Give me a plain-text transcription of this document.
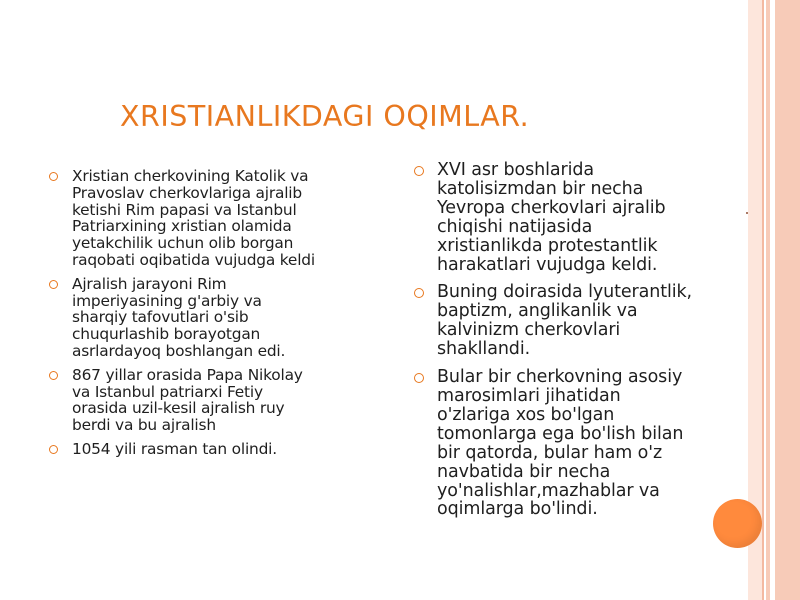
XRISTIANLIKDAGI OQIMLAR.
Xristian cherkovining Katolik va
Pravoslav cherkovlariga ajralib
ketishi Rim papasi va Istanbul
Patriarxining xristian olamida
yetakchilik uchun olib borgan
raqobati oqibatida vujudga keldi
Ajralish jarayoni Rim
imperiyasining g'arbiy va
sharqiy tafovutlari o'sib
chuqurlashib borayotgan
asrlardayoq boshlangan edi.
867 yillar orasida Papa Nikolay
va Istanbul patriarxi Fetiy
orasida uzil-kesil ajralish ruy
berdi va bu ajralish
1054 yili rasman tan olindi.
XVI asr boshlarida
katolisizmdan bir necha
Yevropa cherkovlari ajralib
chiqishi natijasida
xristianlikda protestantlik
harakatlari vujudga keldi.
Buning doirasida lyuterantlik,
baptizm, anglikanlik va
kalvinizm cherkovlari
shakllandi.
Bular bir cherkovning asosiy
marosimlari jihatidan
o'zlariga xos bo'lgan
tomonlarga ega bo'lish bilan
bir qatorda, bular ham o'z
navbatida bir necha
yo'nalishlar,mazhablar va
oqimlarga bo'lindi.
